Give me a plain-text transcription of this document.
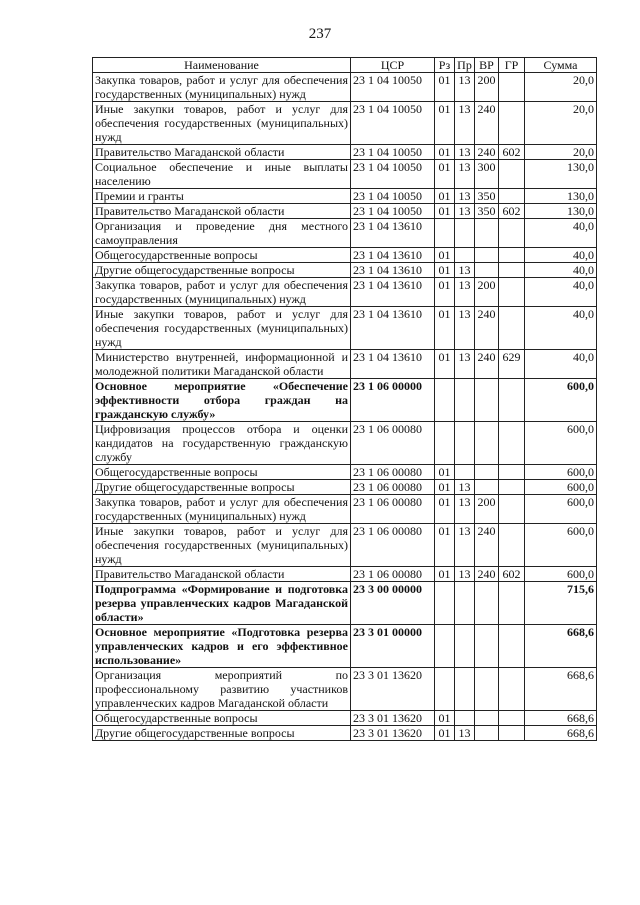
237
Наименование	ЦСР	Рз	Пр	ВР	ГР	Сумма
Закупка товаров, работ и услуг для обеспечения государственных (муниципальных) нужд	23 1 04 10050	01	13	200		20,0
Иные закупки товаров, работ и услуг для обеспечения государственных (муниципальных) нужд	23 1 04 10050	01	13	240		20,0
Правительство Магаданской области	23 1 04 10050	01	13	240	602	20,0
Социальное обеспечение и иные выплаты населению	23 1 04 10050	01	13	300		130,0
Премии и гранты	23 1 04 10050	01	13	350		130,0
Правительство Магаданской области	23 1 04 10050	01	13	350	602	130,0
Организация и проведение дня местного самоуправления	23 1 04 13610					40,0
Общегосударственные вопросы	23 1 04 13610	01				40,0
Другие общегосударственные вопросы	23 1 04 13610	01	13			40,0
Закупка товаров, работ и услуг для обеспечения государственных (муниципальных) нужд	23 1 04 13610	01	13	200		40,0
Иные закупки товаров, работ и услуг для обеспечения государственных (муниципальных) нужд	23 1 04 13610	01	13	240		40,0
Министерство внутренней, информационной и молодежной политики Магаданской области	23 1 04 13610	01	13	240	629	40,0
Основное мероприятие «Обеспечение эффективности отбора граждан на гражданскую службу»	23 1 06 00000					600,0
Цифровизация процессов отбора и оценки кандидатов на государственную гражданскую службу	23 1 06 00080					600,0
Общегосударственные вопросы	23 1 06 00080	01				600,0
Другие общегосударственные вопросы	23 1 06 00080	01	13			600,0
Закупка товаров, работ и услуг для обеспечения государственных (муниципальных) нужд	23 1 06 00080	01	13	200		600,0
Иные закупки товаров, работ и услуг для обеспечения государственных (муниципальных) нужд	23 1 06 00080	01	13	240		600,0
Правительство Магаданской области	23 1 06 00080	01	13	240	602	600,0
Подпрограмма «Формирование и подготовка резерва управленческих кадров Магаданской области»	23 3 00 00000					715,6
Основное мероприятие «Подготовка резерва управленческих кадров и его эффективное использование»	23 3 01 00000					668,6
Организация мероприятий по профессиональному развитию участников управленческих кадров Магаданской области	23 3 01 13620					668,6
Общегосударственные вопросы	23 3 01 13620	01				668,6
Другие общегосударственные вопросы	23 3 01 13620	01	13			668,6
